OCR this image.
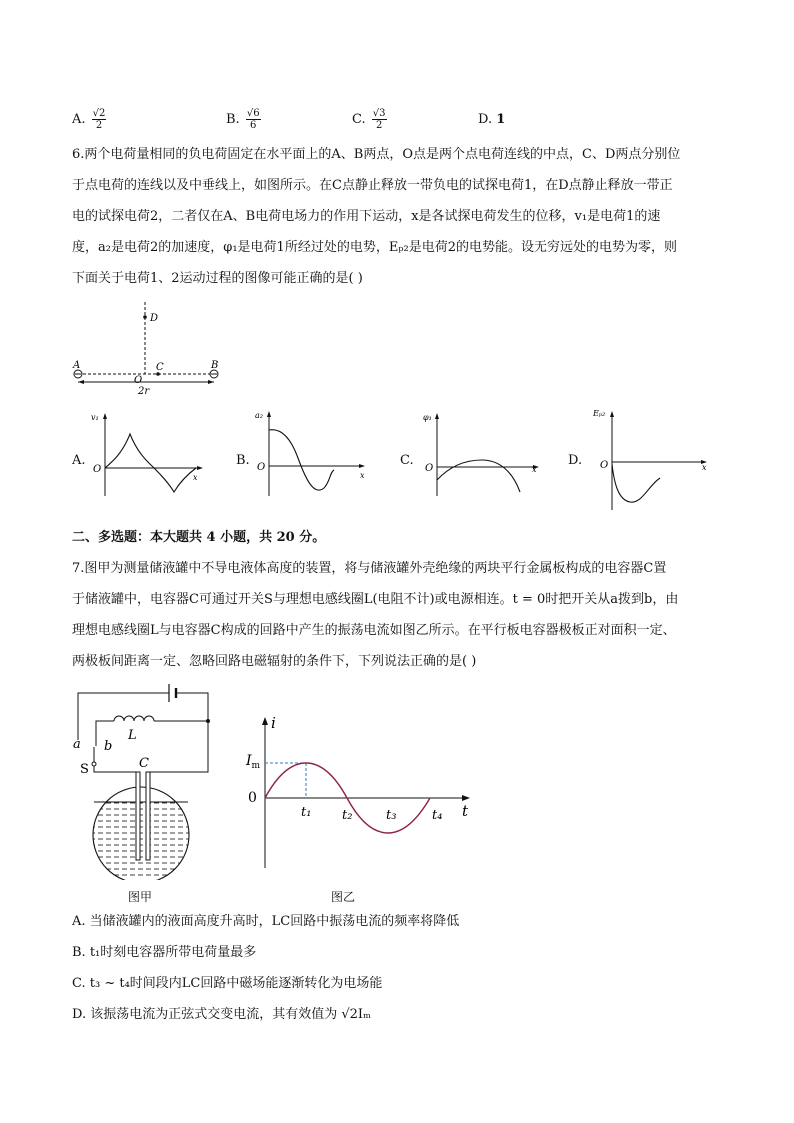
A. $\frac{√2}{2}$	B. $\frac{√6}{6}$	C. $\frac{√3}{2}$	D. 1
6.两个电荷量相同的负电荷固定在水平面上的A、B两点，O点是两个点电荷连线的中点，C、D两点分别位
于点电荷的连线以及中垂线上，如图所示。在C点静止释放一带负电的试探电荷1，在D点静止释放一带正
电的试探电荷2，二者仅在A、B电荷电场力的作用下运动，x是各试探电荷发生的位移，v₁是电荷1的速
度，a₂是电荷2的加速度，φ₁是电荷1所经过处的电势，Eₚ₂是电荷2的电势能。设无穷远处的电势为零，则
下面关于电荷1、2运动过程的图像可能正确的是( )
D
A	B
C
O
2r
A.
v₁
O
x
B.
a₂
O
x
C.
φ₁
O	x
D.
Eₚ₂
O	x
二、多选题：本大题共 4 小题，共 20 分。
7.图甲为测量储液罐中不导电液体高度的装置，将与储液罐外壳绝缘的两块平行金属板构成的电容器C置
于储液罐中，电容器C可通过开关S与理想电感线圈L(电阻不计)或电源相连。t = 0时把开关从a拨到b，由
理想电感线圈L与电容器C构成的回路中产生的振荡电流如图乙所示。在平行板电容器极板正对面积一定、
两极板间距离一定、忽略回路电磁辐射的条件下，下列说法正确的是( )
a b
L
S	C
图甲
i
$I_m$
0
t
t₁ t₂	t₃	t₄
图乙
A. 当储液罐内的液面高度升高时，LC回路中振荡电流的频率将降低
B. t₁时刻电容器所带电荷量最多
C. t₃ ~ t₄时间段内LC回路中磁场能逐渐转化为电场能
D. 该振荡电流为正弦式交变电流，其有效值为 √2Iₘ
